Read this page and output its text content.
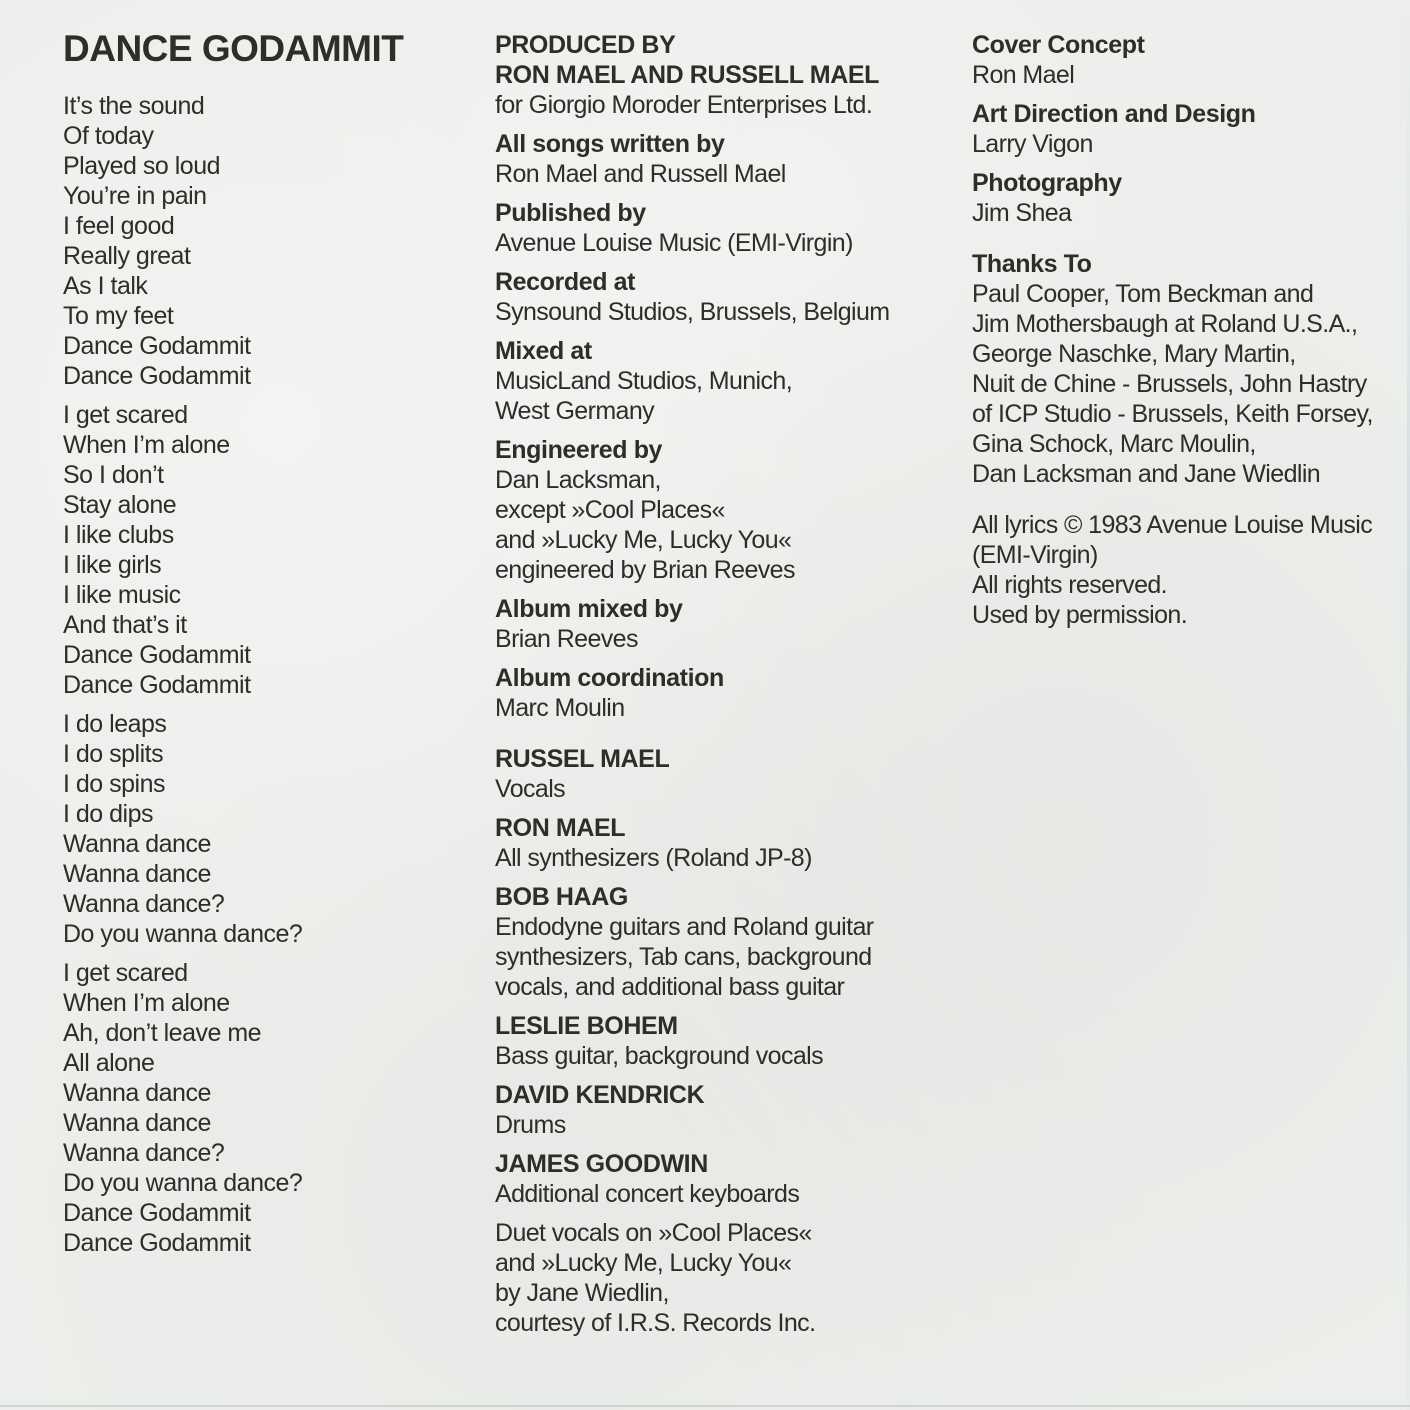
DANCE GODAMMIT
It’s the sound
Of today
Played so loud
You’re in pain
I feel good
Really great
As I talk
To my feet
Dance Godammit
Dance Godammit
I get scared
When I’m alone
So I don’t
Stay alone
I like clubs
I like girls
I like music
And that’s it
Dance Godammit
Dance Godammit
I do leaps
I do splits
I do spins
I do dips
Wanna dance
Wanna dance
Wanna dance?
Do you wanna dance?
I get scared
When I’m alone
Ah, don’t leave me
All alone
Wanna dance
Wanna dance
Wanna dance?
Do you wanna dance?
Dance Godammit
Dance Godammit
PRODUCED BY
RON MAEL AND RUSSELL MAEL
for Giorgio Moroder Enterprises Ltd.
All songs written by
Ron Mael and Russell Mael
Published by
Avenue Louise Music (EMI-Virgin)
Recorded at
Synsound Studios, Brussels, Belgium
Mixed at
MusicLand Studios, Munich,
West Germany
Engineered by
Dan Lacksman,
except »Cool Places«
and »Lucky Me, Lucky You«
engineered by Brian Reeves
Album mixed by
Brian Reeves
Album coordination
Marc Moulin
RUSSEL MAEL
Vocals
RON MAEL
All synthesizers (Roland JP-8)
BOB HAAG
Endodyne guitars and Roland guitar
synthesizers, Tab cans, background
vocals, and additional bass guitar
LESLIE BOHEM
Bass guitar, background vocals
DAVID KENDRICK
Drums
JAMES GOODWIN
Additional concert keyboards
Duet vocals on »Cool Places«
and »Lucky Me, Lucky You«
by Jane Wiedlin,
courtesy of I.R.S. Records Inc.
Cover Concept
Ron Mael
Art Direction and Design
Larry Vigon
Photography
Jim Shea
Thanks To
Paul Cooper, Tom Beckman and
Jim Mothersbaugh at Roland U.S.A.,
George Naschke, Mary Martin,
Nuit de Chine - Brussels, John Hastry
of ICP Studio - Brussels, Keith Forsey,
Gina Schock, Marc Moulin,
Dan Lacksman and Jane Wiedlin
All lyrics © 1983 Avenue Louise Music
(EMI-Virgin)
All rights reserved.
Used by permission.
